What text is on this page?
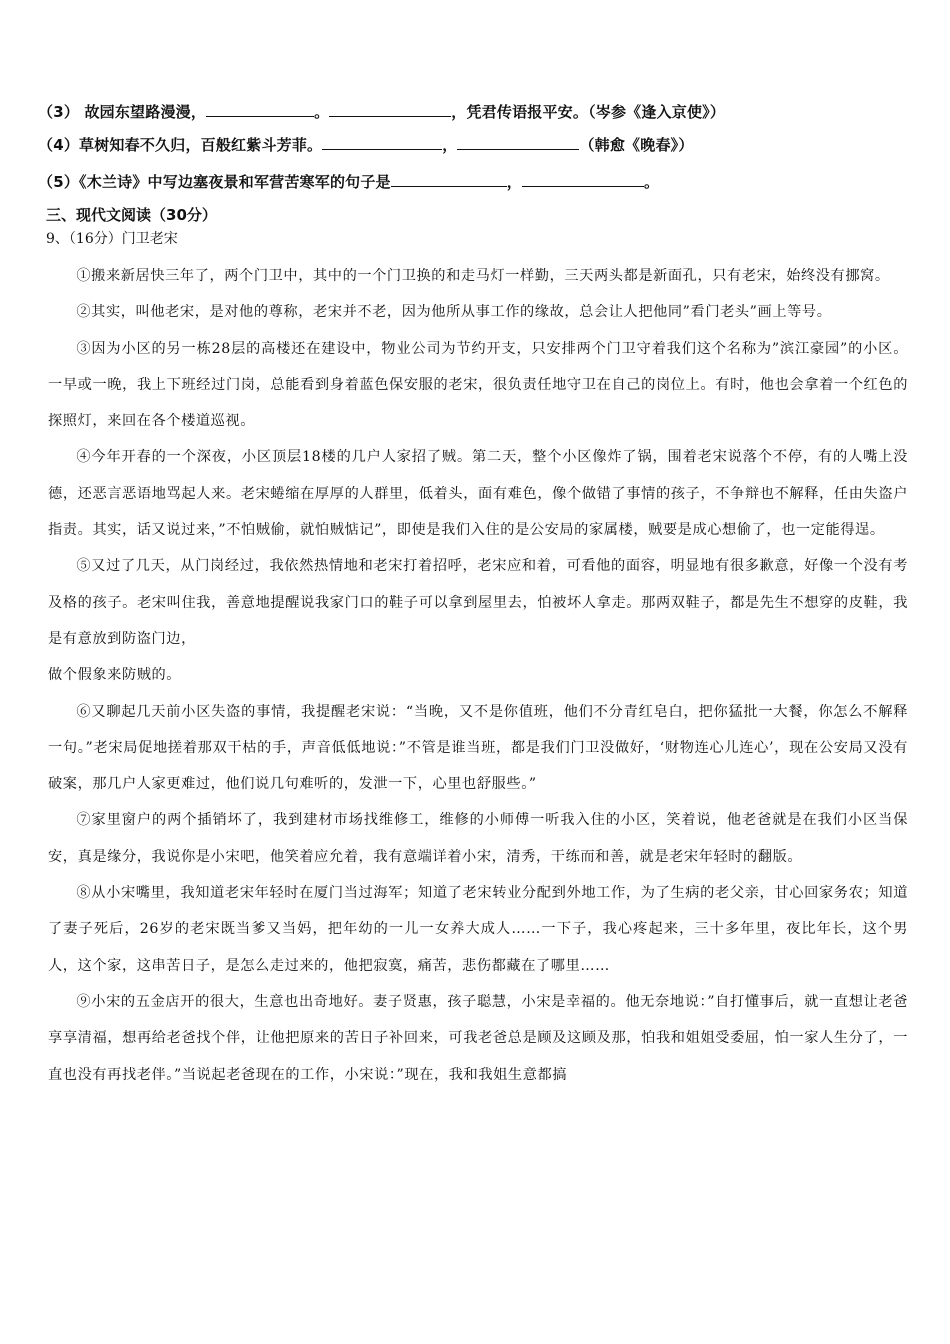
（3） 故园东望路漫漫，	。	，凭君传语报平安。（岑参《逢入京使》）
（4）草树知春不久归，百般红紫斗芳菲。	，	（韩愈《晚春》）
（5）《木兰诗》中写边塞夜景和军营苦寒军的句子是	，	。
三、现代文阅读（30分）
9、（16分）门卫老宋

①搬来新居快三年了，两个门卫中，其中的一个门卫换的和走马灯一样勤，三天两头都是新面孔，只有老宋，始终没有挪窝。

②其实，叫他老宋，是对他的尊称，老宋并不老，因为他所从事工作的缘故，总会让人把他同”看门老头”画上等号。

③因为小区的另一栋28层的高楼还在建设中，物业公司为节约开支，只安排两个门卫守着我们这个名称为”滨江豪园”的小区。一早或一晚，我上下班经过门岗，总能看到身着蓝色保安服的老宋，很负责任地守卫在自己的岗位上。有时，他也会拿着一个红色的探照灯，来回在各个楼道巡视。

④今年开春的一个深夜，小区顶层18楼的几户人家招了贼。第二天，整个小区像炸了锅，围着老宋说落个不停，有的人嘴上没德，还恶言恶语地骂起人来。老宋蜷缩在厚厚的人群里，低着头，面有难色，像个做错了事情的孩子，不争辩也不解释，任由失盗户指责。其实，话又说过来，”不怕贼偷，就怕贼惦记”，即使是我们入住的是公安局的家属楼，贼要是成心想偷了，也一定能得逞。

⑤又过了几天，从门岗经过，我依然热情地和老宋打着招呼，老宋应和着，可看他的面容，明显地有很多歉意，好像一个没有考及格的孩子。老宋叫住我，善意地提醒说我家门口的鞋子可以拿到屋里去，怕被坏人拿走。那两双鞋子，都是先生不想穿的皮鞋，我是有意放到防盗门边，

做个假象来防贼的。

⑥又聊起几天前小区失盗的事情，我提醒老宋说：“当晚，又不是你值班，他们不分青红皂白，把你猛批一大餐，你怎么不解释一句。”老宋局促地搓着那双干枯的手，声音低低地说：”不管是谁当班，都是我们门卫没做好，‘财物连心儿连心’，现在公安局又没有破案，那几户人家更难过，他们说几句难听的，发泄一下，心里也舒服些。”

⑦家里窗户的两个插销坏了，我到建材市场找维修工，维修的小师傅一听我入住的小区，笑着说，他老爸就是在我们小区当保安，真是缘分，我说你是小宋吧，他笑着应允着，我有意端详着小宋，清秀，干练而和善，就是老宋年轻时的翻版。

⑧从小宋嘴里，我知道老宋年轻时在厦门当过海军；知道了老宋转业分配到外地工作，为了生病的老父亲，甘心回家务农；知道了妻子死后，26岁的老宋既当爹又当妈，把年幼的一儿一女养大成人……一下子，我心疼起来，三十多年里，夜比年长，这个男人，这个家，这串苦日子，是怎么走过来的，他把寂寞，痛苦，悲伤都藏在了哪里……

⑨小宋的五金店开的很大，生意也出奇地好。妻子贤惠，孩子聪慧，小宋是幸福的。他无奈地说：”自打懂事后，就一直想让老爸享享清福，想再给老爸找个伴，让他把原来的苦日子补回来，可我老爸总是顾及这顾及那，怕我和姐姐受委屈，怕一家人生分了，一直也没有再找老伴。”当说起老爸现在的工作，小宋说：”现在，我和我姐生意都搞
